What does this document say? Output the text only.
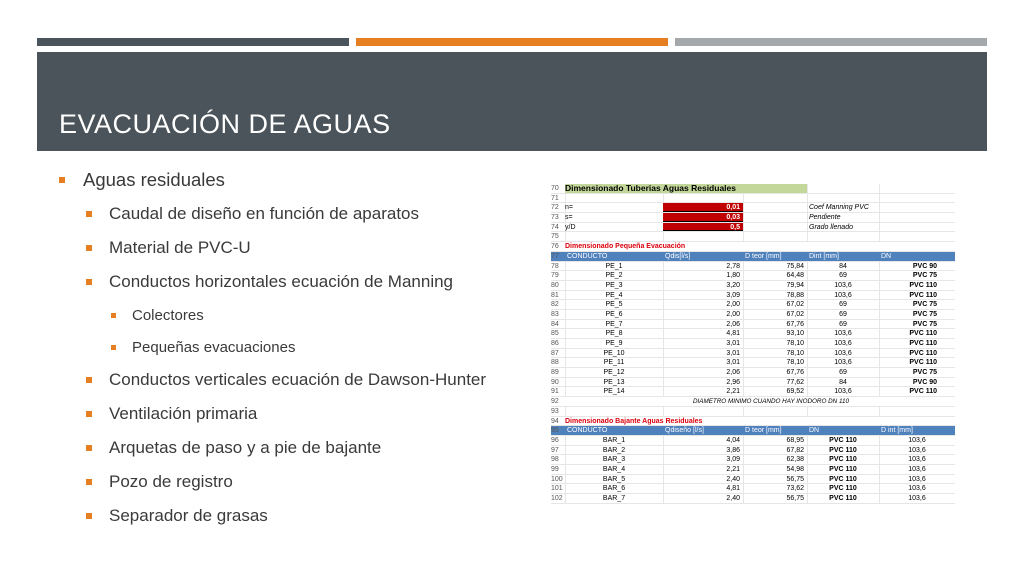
EVACUACIÓN DE AGUAS
Aguas residuales
Caudal de diseño en función de aparatos
Material de PVC-U
Conductos horizontales ecuación de Manning
Colectores
Pequeñas evacuaciones
Conductos verticales ecuación de Dawson-Hunter
Ventilación primaria
Arquetas de paso y a pie de bajante
Pozo de registro
Separador de grasas
70 Dimensionado Tuberias Aguas Residuales
71
72 n=	0,01	Coef Manning PVC
73 s=	0,03	Pendiente
74 y/D	0,5	Grado llenado
75
76 Dimensionado Pequeña Evacuación
77	CONDUCTO	Qdis[l/s]	D teor [mm]	Dint [mm]	DN
78	PE_1	2,78	75,84	84	PVC 90
79	PE_2	1,80	64,48	69	PVC 75
80	PE_3	3,20	79,94	103,6	PVC 110
81	PE_4	3,09	78,88	103,6	PVC 110
82	PE_5	2,00	67,02	69	PVC 75
83	PE_6	2,00	67,02	69	PVC 75
84	PE_7	2,06	67,76	69	PVC 75
85	PE_8	4,81	93,10	103,6	PVC 110
86	PE_9	3,01	78,10	103,6	PVC 110
87	PE_10	3,01	78,10	103,6	PVC 110
88	PE_11	3,01	78,10	103,6	PVC 110
89	PE_12	2,06	67,76	69	PVC 75
90	PE_13	2,96	77,62	84	PVC 90
91	PE_14	2,21	69,52	103,6	PVC 110
92	DIAMETRO MINIMO CUANDO HAY INODORO DN 110
93
94 Dimensionado Bajante Aguas Residuales
95	CONDUCTO	Qdiseño [l/s]	D teor [mm]	DN	D int [mm]
96	BAR_1	4,04	68,95	PVC 110	103,6
97	BAR_2	3,86	67,82	PVC 110	103,6
98	BAR_3	3,09	62,38	PVC 110	103,6
99	BAR_4	2,21	54,98	PVC 110	103,6
100	BAR_5	2,40	56,75	PVC 110	103,6
101	BAR_6	4,81	73,62	PVC 110	103,6
102	BAR_7	2,40	56,75	PVC 110	103,6
